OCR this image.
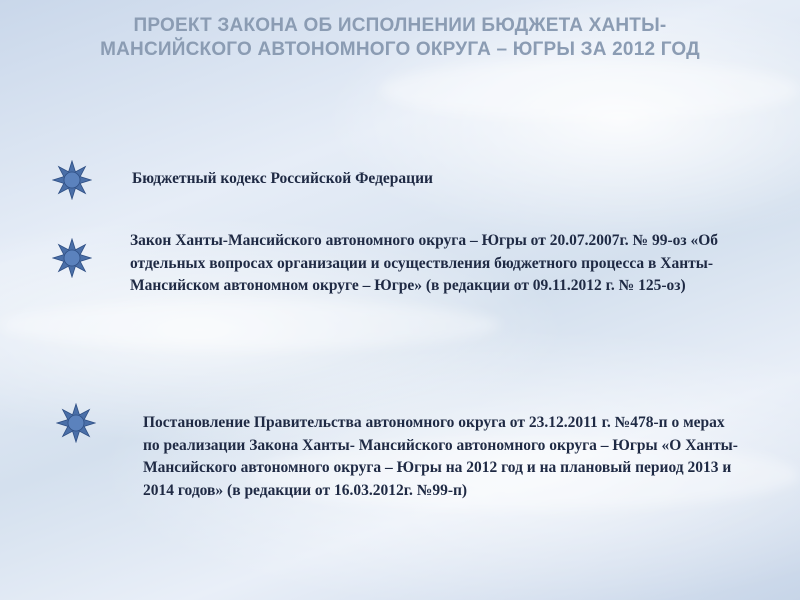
ПРОЕКТ ЗАКОНА ОБ ИСПОЛНЕНИИ БЮДЖЕТА ХАНТЫ-
МАНСИЙСКОГО АВТОНОМНОГО ОКРУГА – ЮГРЫ ЗА 2012 ГОД
Бюджетный кодекс Российской Федерации
Закон Ханты-Мансийского автономного округа – Югры от 20.07.2007г. № 99-оз «Об отдельных вопросах организации и осуществления бюджетного процесса в Ханты-Мансийском автономном округе – Югре» (в редакции от 09.11.2012 г. № 125-оз)
Постановление Правительства автономного округа от 23.12.2011 г. №478-п о мерах по реализации Закона Ханты- Мансийского автономного округа – Югры «О Ханты- Мансийского автономного округа – Югры на 2012 год и на плановый период 2013 и 2014 годов» (в редакции от 16.03.2012г. №99-п)
